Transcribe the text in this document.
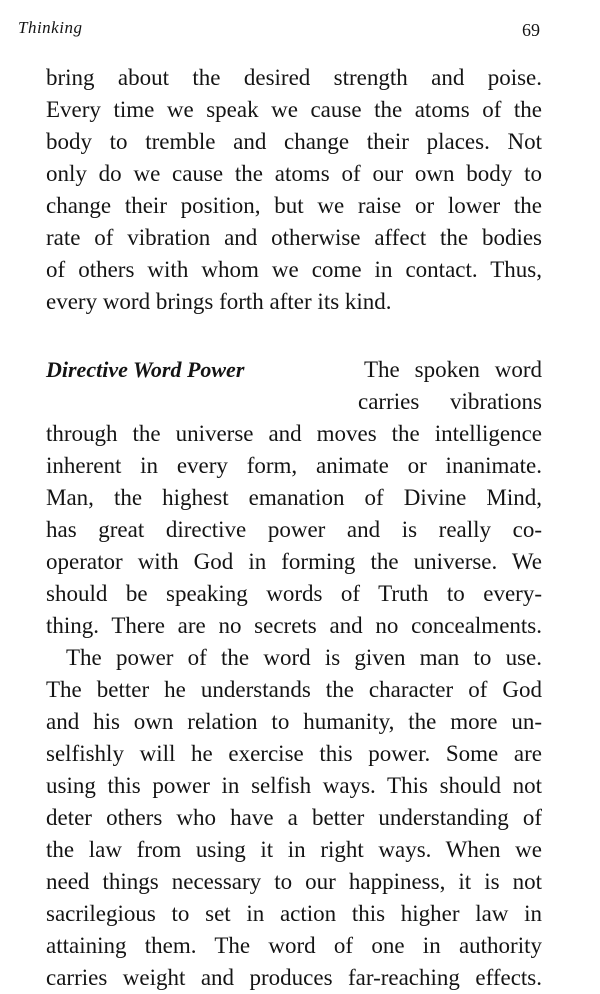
Thinking	69
bring about the desired strength and poise.
Every time we speak we cause the atoms of the
body to tremble and change their places. Not
only do we cause the atoms of our own body to
change their position, but we raise or lower the
rate of vibration and otherwise affect the bodies
of others with whom we come in contact. Thus,
every word brings forth after its kind.
Directive Word Power	The spoken word
carries vibrations
through the universe and moves the intelligence
inherent in every form, animate or inanimate.
Man, the highest emanation of Divine Mind,
has great directive power and is really co-
operator with God in forming the universe. We
should be speaking words of Truth to every-
thing. There are no secrets and no concealments.
The power of the word is given man to use.
The better he understands the character of God
and his own relation to humanity, the more un-
selfishly will he exercise this power. Some are
using this power in selfish ways. This should not
deter others who have a better understanding of
the law from using it in right ways. When we
need things necessary to our happiness, it is not
sacrilegious to set in action this higher law in
attaining them. The word of one in authority
carries weight and produces far-reaching effects.
